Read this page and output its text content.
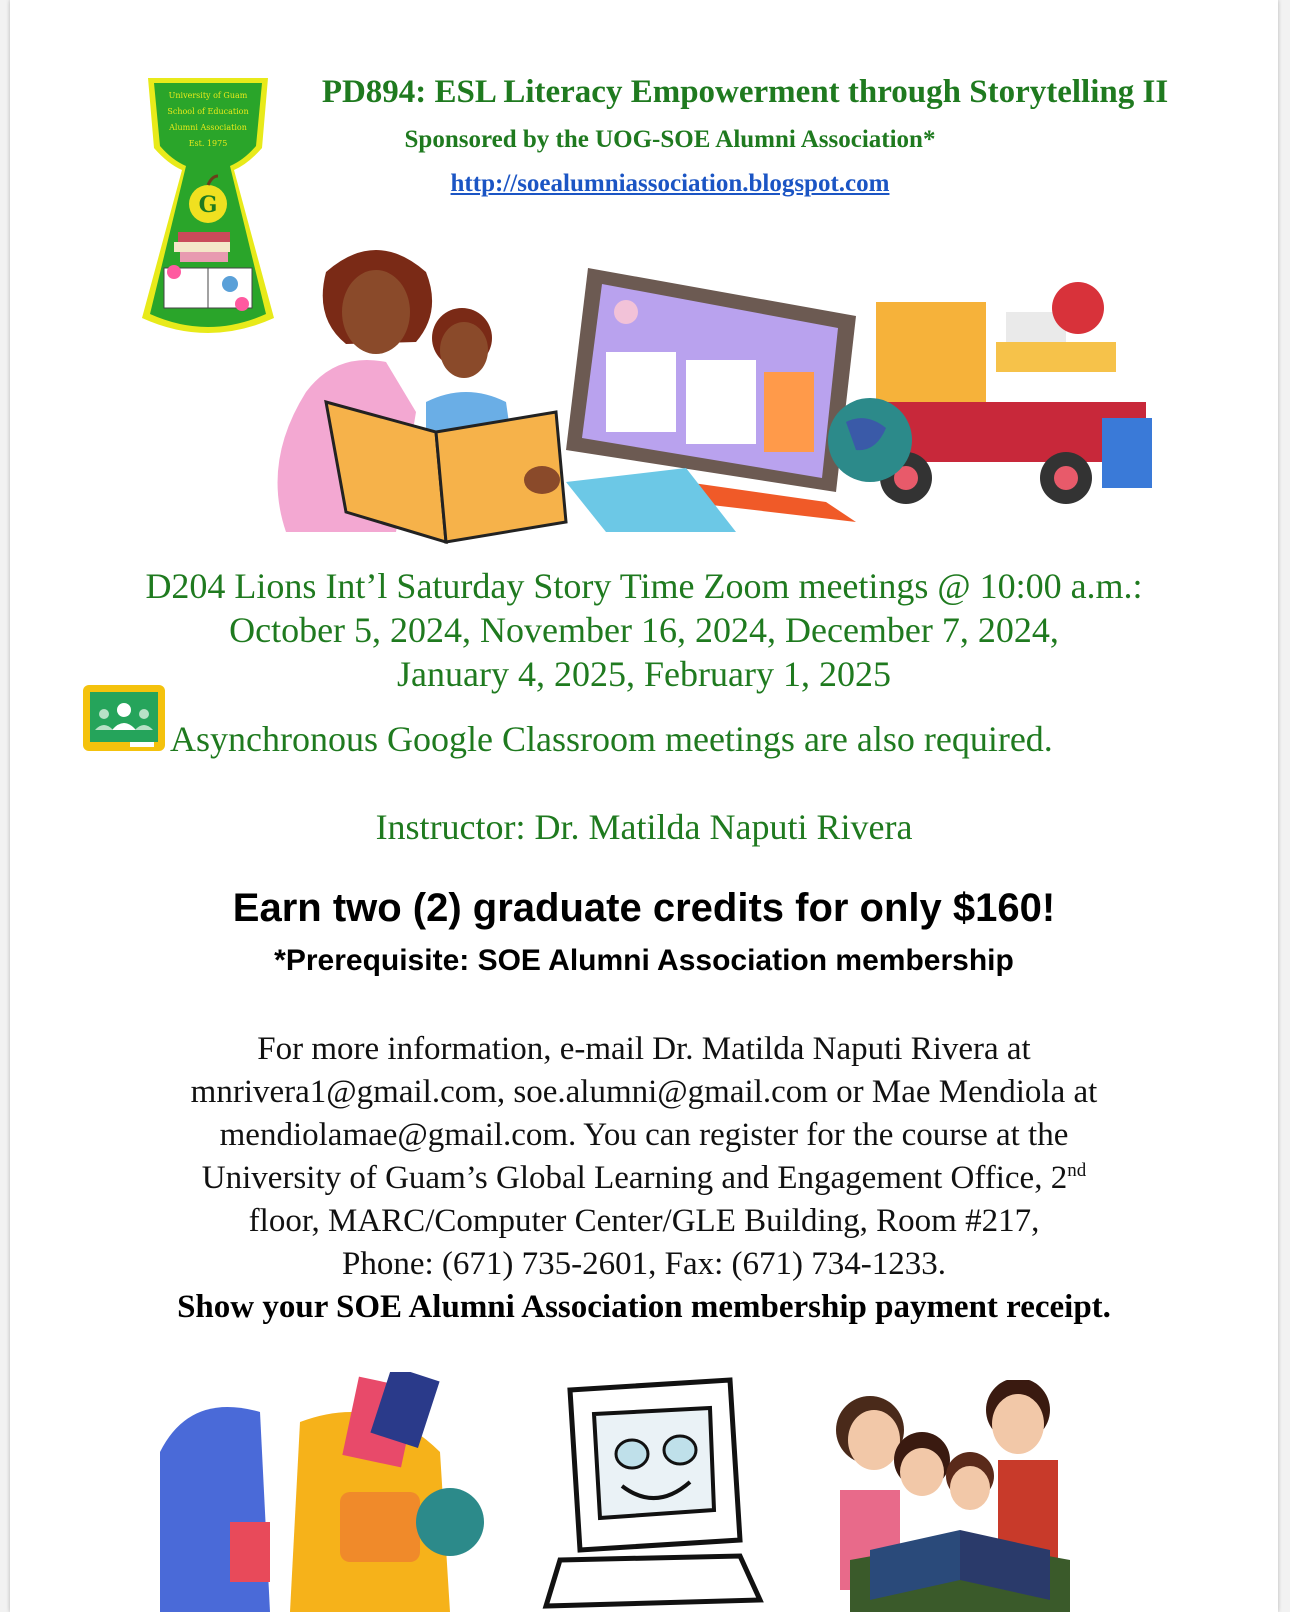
University of Guam
School of Education
Alumni Association
Est. 1975
G
PD894: ESL Literacy Empowerment through Storytelling II
Sponsored by the UOG-SOE Alumni Association*
http://soealumniassociation.blogspot.com
D204 Lions Int’l Saturday Story Time Zoom meetings @ 10:00 a.m.:
October 5, 2024, November 16, 2024, December 7, 2024,
January 4, 2025, February 1, 2025
Asynchronous Google Classroom meetings are also required.
Instructor: Dr. Matilda Naputi Rivera
Earn two (2) graduate credits for only $160!
*Prerequisite: SOE Alumni Association membership
For more information, e-mail Dr. Matilda Naputi Rivera at
mnrivera1@gmail.com, soe.alumni@gmail.com or Mae Mendiola at
mendiolamae@gmail.com. You can register for the course at the
University of Guam’s Global Learning and Engagement Office, 2nd
floor, MARC/Computer Center/GLE Building, Room #217,
Phone: (671) 735-2601, Fax: (671) 734-1233.
Show your SOE Alumni Association membership payment receipt.
